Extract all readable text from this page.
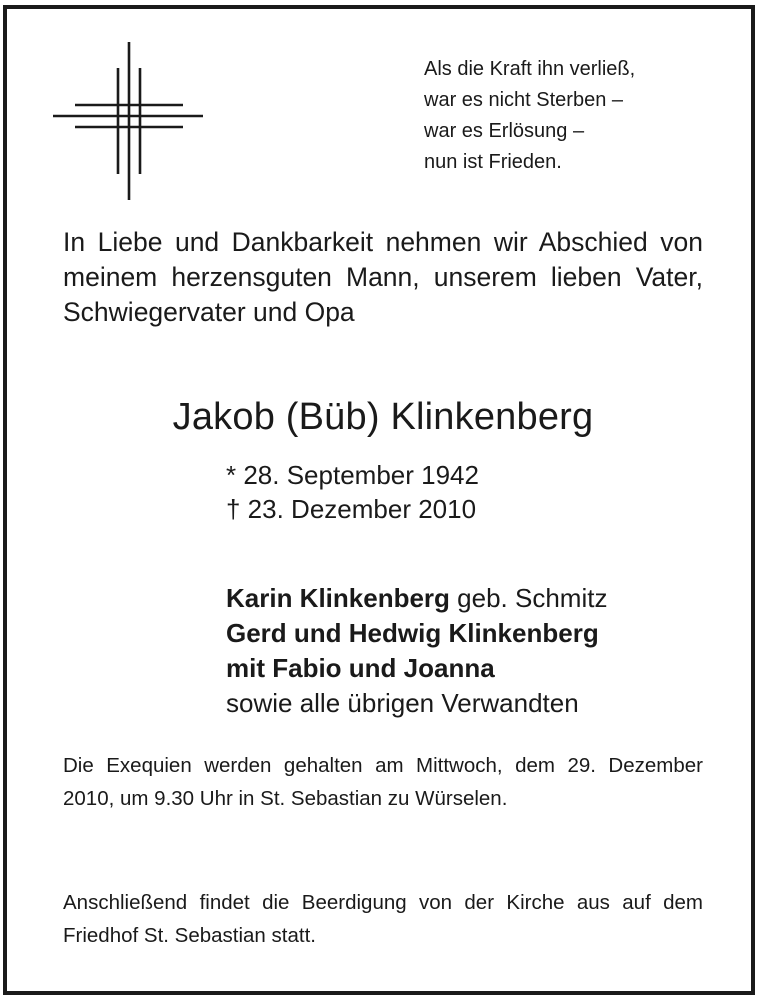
Als die Kraft ihn verließ,
war es nicht Sterben –
war es Erlösung –
nun ist Frieden.
In Liebe und Dankbarkeit nehmen wir Abschied von meinem herzensguten Mann, unserem lieben Vater, Schwiegervater und Opa
Jakob (Büb) Klinkenberg
* 28. September 1942
† 23. Dezember 2010
Karin Klinkenberg geb. Schmitz
Gerd und Hedwig Klinkenberg
mit Fabio und Joanna
sowie alle übrigen Verwandten
Die Exequien werden gehalten am Mittwoch, dem 29. Dezember 2010, um 9.30 Uhr in St. Sebastian zu Würselen.
Anschließend findet die Beerdigung von der Kirche aus auf dem Friedhof St. Sebastian statt.
